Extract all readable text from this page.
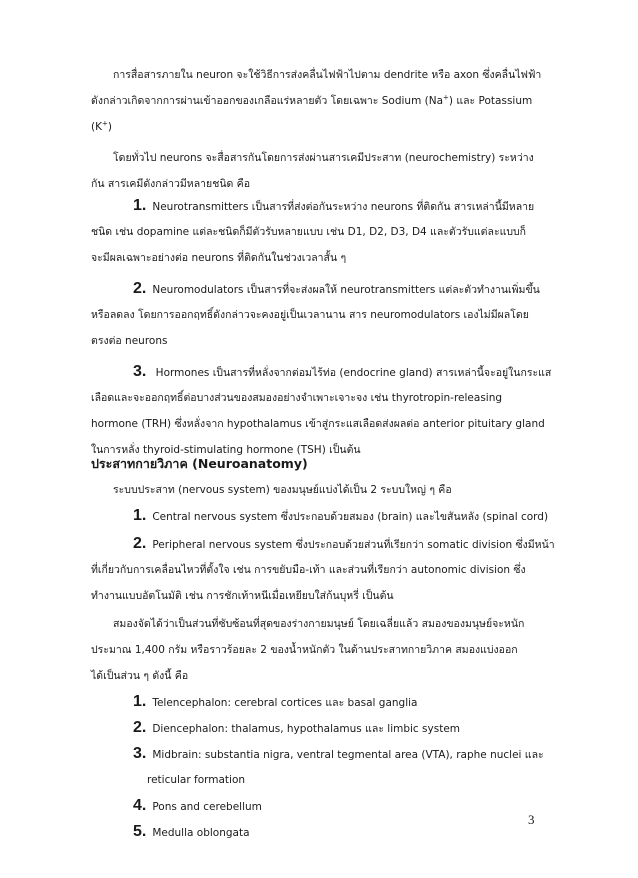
การสื่อสารภายใน neuron จะใช้วิธีการส่งคลื่นไฟฟ้าไปตาม dendrite หรือ axon ซึ่งคลื่นไฟฟ้า
ดังกล่าวเกิดจากการผ่านเข้าออกของเกลือแร่หลายตัว โดยเฉพาะ Sodium (Na+) และ Potassium
(K+)
โดยทั่วไป neurons จะสื่อสารกันโดยการส่งผ่านสารเคมีประสาท (neurochemistry) ระหว่าง
กัน สารเคมีดังกล่าวมีหลายชนิด คือ
1. Neurotransmitters เป็นสารที่ส่งต่อกันระหว่าง neurons ที่ติดกัน สารเหล่านี้มีหลาย
ชนิด เช่น dopamine แต่ละชนิดก็มีตัวรับหลายแบบ เช่น D1, D2, D3, D4 และตัวรับแต่ละแบบก็
จะมีผลเฉพาะอย่างต่อ neurons ที่ติดกันในช่วงเวลาสั้น ๆ
2. Neuromodulators เป็นสารที่จะส่งผลให้ neurotransmitters แต่ละตัวทำงานเพิ่มขึ้น
หรือลดลง โดยการออกฤทธิ์ดังกล่าวจะคงอยู่เป็นเวลานาน สาร neuromodulators เองไม่มีผลโดย
ตรงต่อ neurons
3. Hormones เป็นสารที่หลั่งจากต่อมไร้ท่อ (endocrine gland) สารเหล่านี้จะอยู่ในกระแส
เลือดและจะออกฤทธิ์ต่อบางส่วนของสมองอย่างจำเพาะเจาะจง เช่น thyrotropin-releasing
hormone (TRH) ซึ่งหลั่งจาก hypothalamus เข้าสู่กระแสเลือดส่งผลต่อ anterior pituitary gland
ในการหลั่ง thyroid-stimulating hormone (TSH) เป็นต้น
ประสาทกายวิภาค (Neuroanatomy)
ระบบประสาท (nervous system) ของมนุษย์แบ่งได้เป็น 2 ระบบใหญ่ ๆ คือ
1. Central nervous system ซึ่งประกอบด้วยสมอง (brain) และไขสันหลัง (spinal cord)
2. Peripheral nervous system ซึ่งประกอบด้วยส่วนที่เรียกว่า somatic division ซึ่งมีหน้า
ที่เกี่ยวกับการเคลื่อนไหวที่ตั้งใจ เช่น การขยับมือ-เท้า และส่วนที่เรียกว่า autonomic division ซึ่ง
ทำงานแบบอัตโนมัติ เช่น การชักเท้าหนีเมื่อเหยียบใส่ก้นบุหรี่ เป็นต้น
สมองจัดได้ว่าเป็นส่วนที่ซับซ้อนที่สุดของร่างกายมนุษย์ โดยเฉลี่ยแล้ว สมองของมนุษย์จะหนัก
ประมาณ 1,400 กรัม หรือราวร้อยละ 2 ของน้ำหนักตัว ในด้านประสาทกายวิภาค สมองแบ่งออก
ได้เป็นส่วน ๆ ดังนี้ คือ
1. Telencephalon: cerebral cortices และ basal ganglia
2. Diencephalon: thalamus, hypothalamus และ limbic system
3. Midbrain: substantia nigra, ventral tegmental area (VTA), raphe nuclei และ
reticular formation
4. Pons and cerebellum
5. Medulla oblongata
3
